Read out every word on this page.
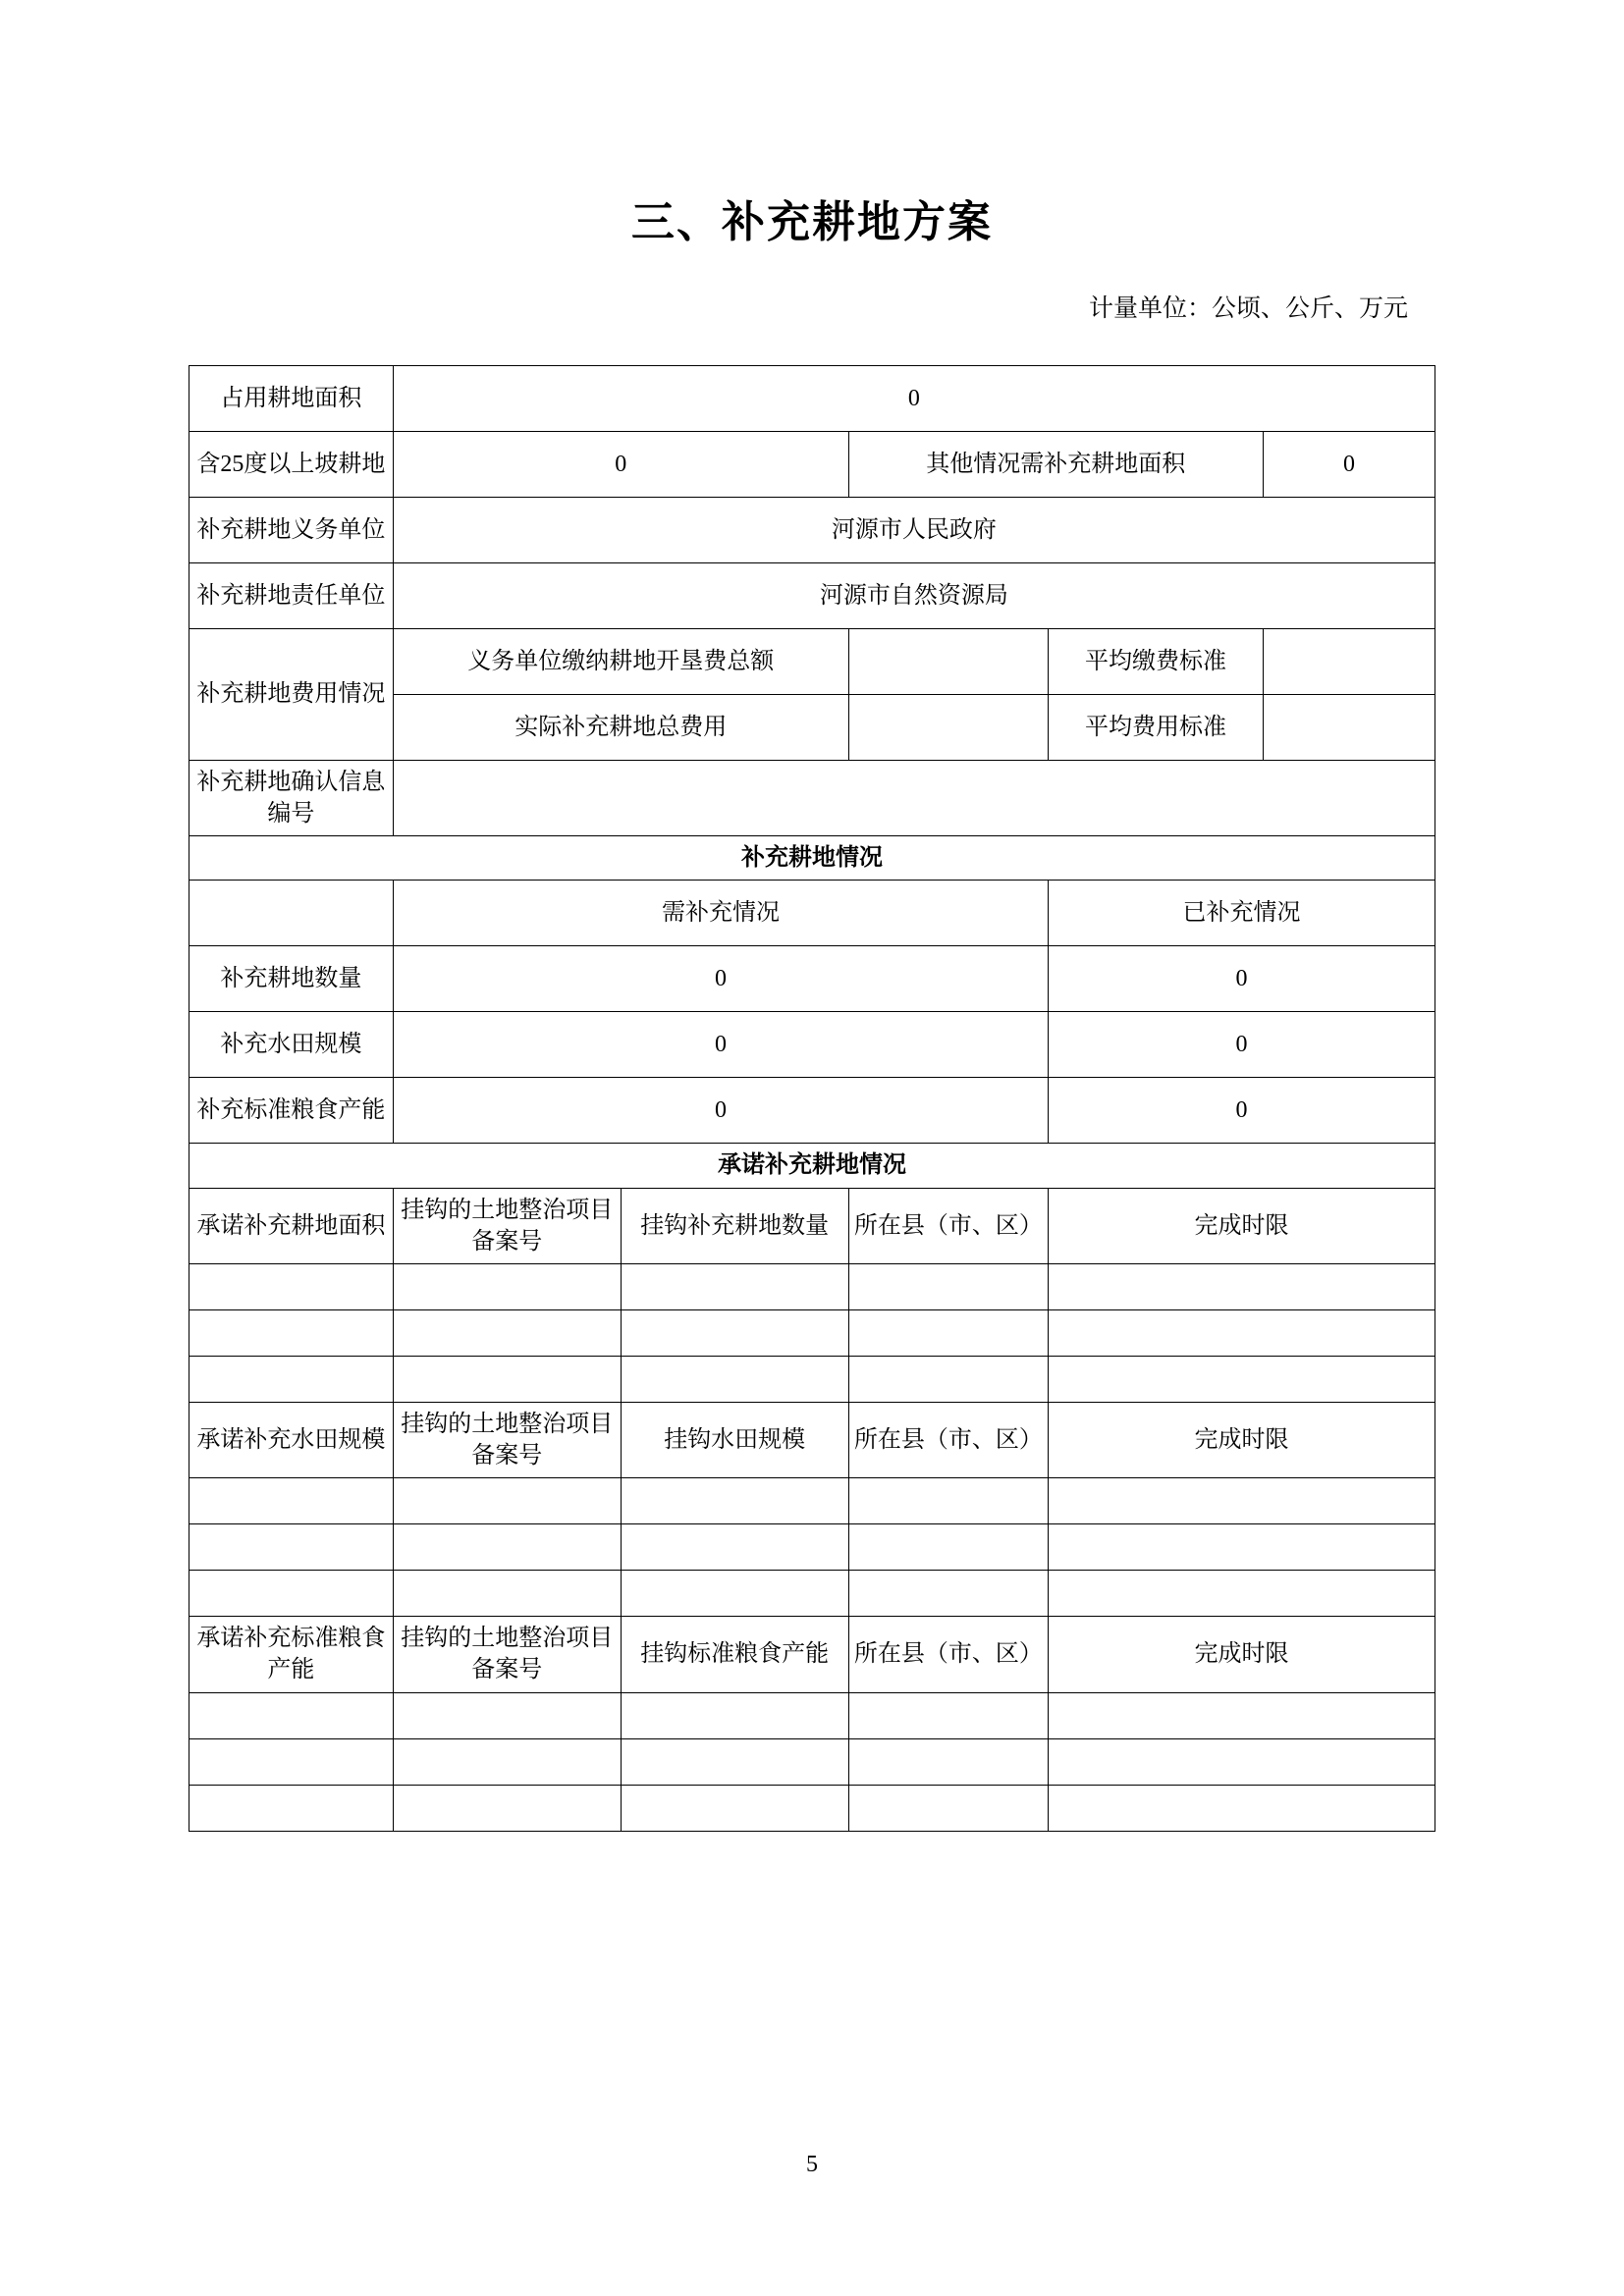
三、补充耕地方案
计量单位：公顷、公斤、万元
占用耕地面积	0				
含25度以上坡耕地	0		其他情况需补充耕地面积		0
补充耕地义务单位	河源市人民政府				
补充耕地责任单位	河源市自然资源局				
补充耕地费用情况	义务单位缴纳耕地开垦费总额			平均缴费标准	
	实际补充耕地总费用			平均费用标准	
补充耕地确认信息编号					
补充耕地情况					
	需补充情况			已补充情况	
补充耕地数量	0			0	
补充水田规模	0			0	
补充标准粮食产能	0			0	
承诺补充耕地情况					
承诺补充耕地面积	挂钩的土地整治项目备案号	挂钩补充耕地数量	所在县（市、区）	完成时限	

承诺补充水田规模	挂钩的土地整治项目备案号	挂钩水田规模	所在县（市、区）	完成时限	

承诺补充标准粮食产能	挂钩的土地整治项目备案号	挂钩标准粮食产能	所在县（市、区）	完成时限	

5
